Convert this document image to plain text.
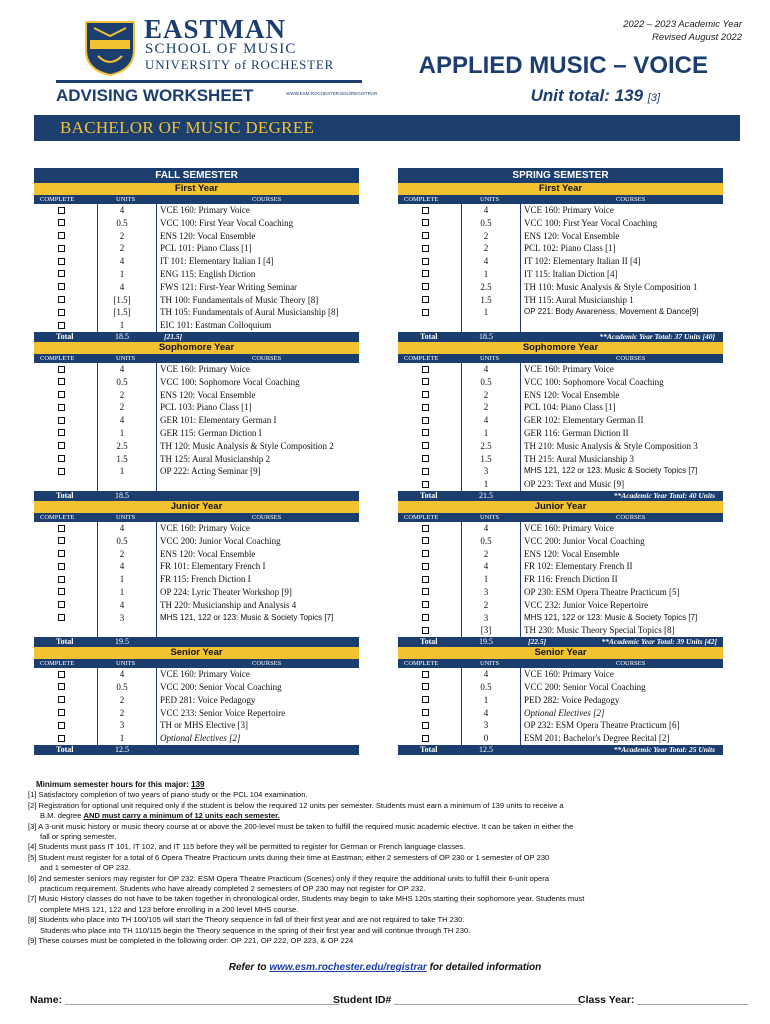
2022 – 2023 Academic Year
Revised August 2022
EASTMAN
SCHOOL OF MUSIC
UNIVERSITY of ROCHESTER
ADVISING WORKSHEET	WWW.ESM.ROCHESTER.EDU/REGISTRAR
APPLIED MUSIC – VOICE
Unit total: 139 [3]
BACHELOR OF MUSIC DEGREE
FALL SEMESTER
First Year
COMPLETE	UNITS	COURSES
4	VCE 160: Primary Voice
0.5	VCC 100: First Year Vocal Coaching
2	ENS 120: Vocal Ensemble
2	PCL 101: Piano Class [1]
4	IT 101: Elementary Italian I [4]
1	ENG 115: English Diction
4	FWS 121: First-Year Writing Seminar
[1.5]	TH 100: Fundamentals of Music Theory [8]
[1.5]	TH 105: Fundamentals of Aural Musicianship [8]
1	EIC 101: Eastman Colloquium
Total	18.5	[21.5]
Sophomore Year
COMPLETE	UNITS	COURSES
4	VCE 160: Primary Voice
0.5	VCC 100: Sophomore Vocal Coaching
2	ENS 120: Vocal Ensemble
2	PCL 103: Piano Class [1]
4	GER 101: Elementary German I
1	GER 115: German Diction I
2.5	TH 120: Music Analysis & Style Composition 2
1.5	TH 125: Aural Musicianship 2
1	OP 222: Acting Seminar [9]
Total	18.5
Junior Year
COMPLETE	UNITS	COURSES
4	VCE 160: Primary Voice
0.5	VCC 200: Junior Vocal Coaching
2	ENS 120: Vocal Ensemble
4	FR 101: Elementary French I
1	FR 115: French Diction I
1	OP 224: Lyric Theater Workshop [9]
4	TH 220: Musicianship and Analysis 4
3	MHS 121, 122 or 123: Music & Society Topics [7]
Total	19.5
Senior Year
COMPLETE	UNITS	COURSES
4	VCE 160: Primary Voice
0.5	VCC 200: Senior Vocal Coaching
2	PED 281: Voice Pedagogy
2	VCC 233: Senior Voice Repertoire
3	TH or MHS Elective [3]
1	Optional Electives [2]
Total	12.5
SPRING SEMESTER
First Year
COMPLETE	UNITS	COURSES
4	VCE 160: Primary Voice
0.5	VCC 100: First Year Vocal Coaching
2	ENS 120: Vocal Ensemble
2	PCL 102: Piano Class [1]
4	IT 102: Elementary Italian II [4]
1	IT 115: Italian Diction [4]
2.5	TH 110: Music Analysis & Style Composition 1
1.5	TH 115: Aural Musicianship 1
1	OP 221: Body Awareness, Movement & Dance[9]
Total	18.5	**Academic Year Total: 37 Units [40]
Sophomore Year
COMPLETE	UNITS	COURSES
4	VCE 160: Primary Voice
0.5	VCC 100: Sophomore Vocal Coaching
2	ENS 120: Vocal Ensemble
2	PCL 104: Piano Class [1]
4	GER 102: Elementary German II
1	GER 116: German Diction II
2.5	TH 210: Music Analysis & Style Composition 3
1.5	TH 215: Aural Musicianship 3
3	MHS 121, 122 or 123: Music & Society Topics [7]
1	OP 223: Text and Music [9]
Total	21.5	**Academic Year Total: 40 Units
Junior Year
COMPLETE	UNITS	COURSES
4	VCE 160: Primary Voice
0.5	VCC 200: Junior Vocal Coaching
2	ENS 120: Vocal Ensemble
4	FR 102: Elementary French II
1	FR 116: French Diction II
3	OP 230: ESM Opera Theatre Practicum [5]
2	VCC 232: Junior Voice Repertoire
3	MHS 121, 122 or 123: Music & Society Topics [7]
[3]	TH 230: Music Theory Special Topics [8]
Total	19.5	[22.5]	**Academic Year Total: 39 Units [42]
Senior Year
COMPLETE	UNITS	COURSES
4	VCE 160: Primary Voice
0.5	VCC 200: Senior Vocal Coaching
1	PED 282: Voice Pedagogy
4	Optional Electives [2]
3	OP 232: ESM Opera Theatre Practicum [6]
0	ESM 201: Bachelor's Degree Recital [2]
Total	12.5	**Academic Year Total: 25 Units
Minimum semester hours for this major: 139
[1] Satisfactory completion of two years of piano study or the PCL 104 examination.
[2] Registration for optional unit required only if the student is below the required 12 units per semester. Students must earn a minimum of 139 units to receive a
B.M. degree AND must carry a minimum of 12 units each semester.
[3] A 3-unit music history or music theory course at or above the 200-level must be taken to fulfill the required music academic elective. It can be taken in either the
fall or spring semester.
[4] Students must pass IT 101, IT 102, and IT 115 before they will be permitted to register for German or French language classes.
[5] Student must register for a total of 6 Opera Theatre Practicum units during their time at Eastman; either 2 semesters of OP 230 or 1 semester of OP 230
and 1 semester of OP 232.
[6] 2nd semester seniors may register for OP 232: ESM Opera Theatre Practicum (Scenes) only if they require the additional units to fulfill their 6-unit opera
practicum requirement. Students who have already completed 2 semesters of OP 230 may not register for OP 232.
[7] Music History classes do not have to be taken together in chronological order. Students may begin to take MHS 120s starting their sophomore year. Students must
complete MHS 121, 122 and 123 before enrolling in a 200 level MHS course.
[8] Students who place into TH 100/105 will start the Theory sequence in fall of their first year and are not required to take TH 230.
Students who place into TH 110/115 begin the Theory sequence in the spring of their first year and will continue through TH 230.
[9] These courses must be completed in the following order: OP 221, OP 222, OP 223, & OP 224
Refer to www.esm.rochester.edu/registrar for detailed information
Name: _______________________________________________
Student ID# ________________________________
Class Year: ___________________
